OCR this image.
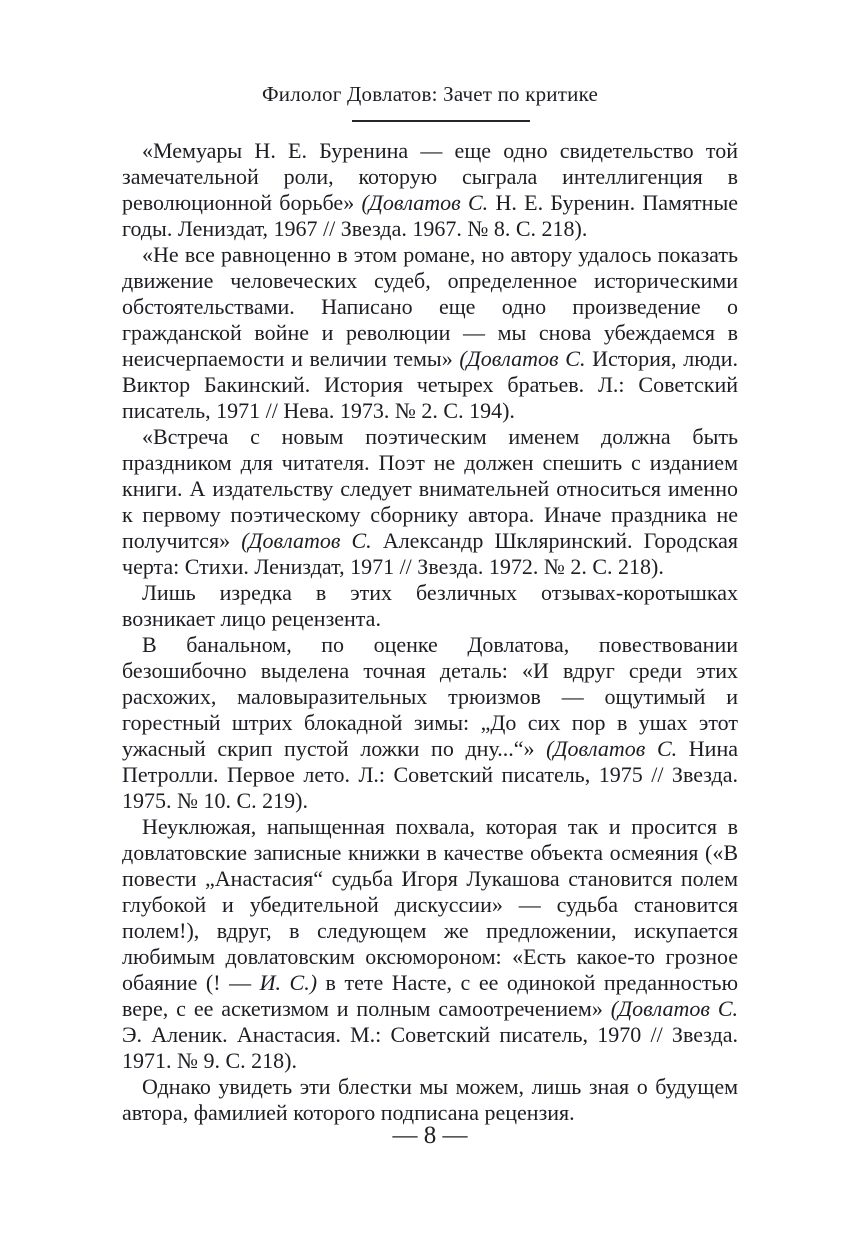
Филолог Довлатов: Зачет по критике

«Мемуары Н. Е. Буренина — еще одно свидетельство той замечательной роли, которую сыграла интеллигенция в революционной борьбе» (Довлатов С. Н. Е. Буренин. Памятные годы. Лениздат, 1967 // Звезда. 1967. № 8. С. 218).

«Не все равноценно в этом романе, но автору удалось показать движение человеческих судеб, определенное историческими обстоятельствами. Написано еще одно произведение о гражданской войне и революции — мы снова убеждаемся в неисчерпаемости и величии темы» (Довлатов С. История, люди. Виктор Бакинский. История четырех братьев. Л.: Советский писатель, 1971 // Нева. 1973. № 2. С. 194).

«Встреча с новым поэтическим именем должна быть праздником для читателя. Поэт не должен спешить с изданием книги. А издательству следует внимательней относиться именно к первому поэтическому сборнику автора. Иначе праздника не получится» (Довлатов С. Александр Шкляринский. Городская черта: Стихи. Лениздат, 1971 // Звезда. 1972. № 2. С. 218).

Лишь изредка в этих безличных отзывах-коротышках возникает лицо рецензента.

В банальном, по оценке Довлатова, повествовании безошибочно выделена точная деталь: «И вдруг среди этих расхожих, маловыразительных трюизмов — ощутимый и горестный штрих блокадной зимы: „До сих пор в ушах этот ужасный скрип пустой ложки по дну...“» (Довлатов С. Нина Петролли. Первое лето. Л.: Советский писатель, 1975 // Звезда. 1975. № 10. С. 219).

Неуклюжая, напыщенная похвала, которая так и просится в довлатовские записные книжки в качестве объекта осмеяния («В повести „Анастасия“ судьба Игоря Лукашова становится полем глубокой и убедительной дискуссии» — судьба становится полем!), вдруг, в следующем же предложении, искупается любимым довлатовским оксюмороном: «Есть какое-то грозное обаяние (! — И. С.) в тете Насте, с ее одинокой преданностью вере, с ее аскетизмом и полным самоотречением» (Довлатов С. Э. Аленик. Анастасия. М.: Советский писатель, 1970 // Звезда. 1971. № 9. С. 218).

Однако увидеть эти блестки мы можем, лишь зная о будущем автора, фамилией которого подписана рецензия.

— 8 —
